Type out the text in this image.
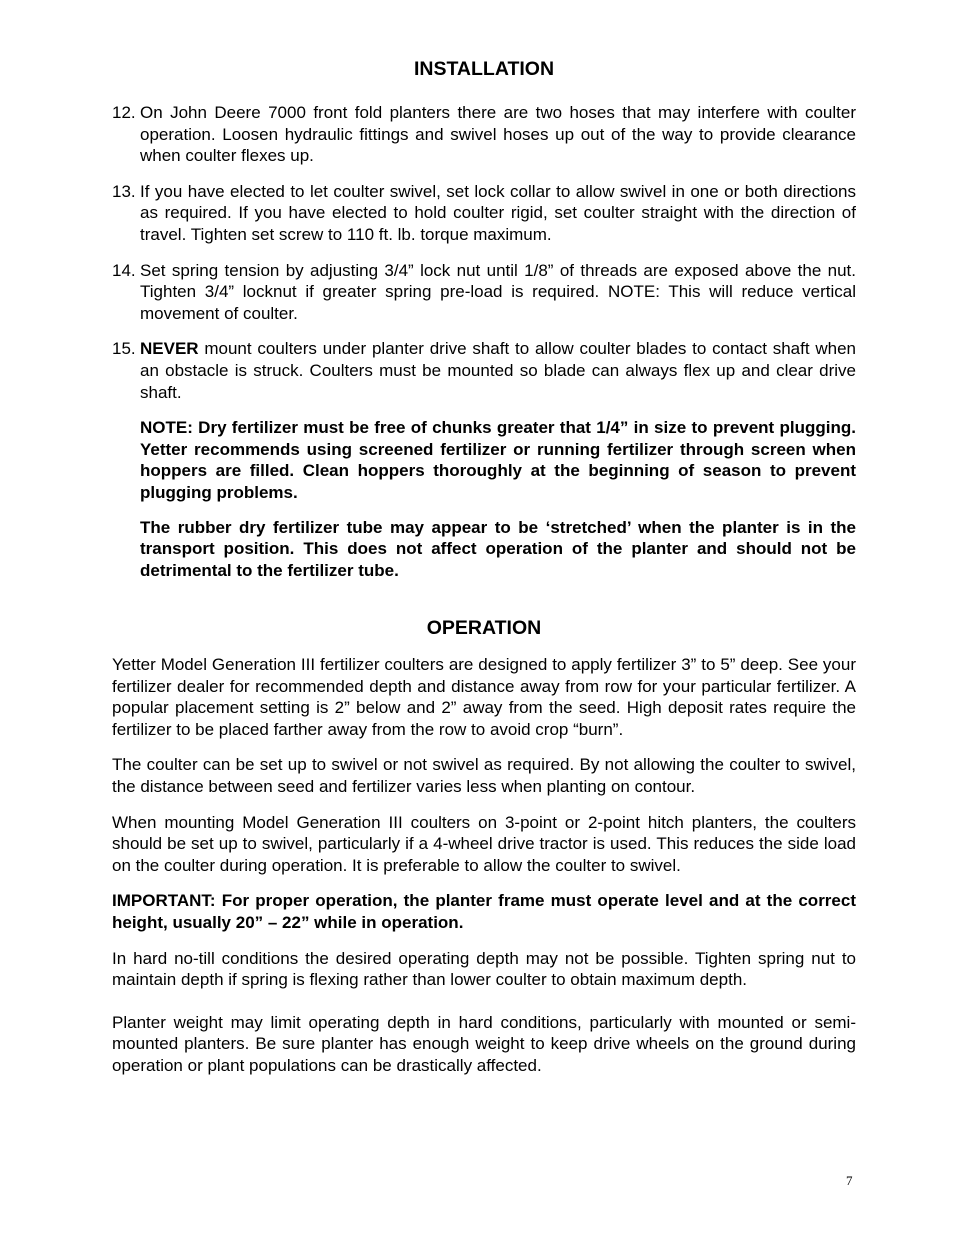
INSTALLATION
12. On John Deere 7000 front fold planters there are two hoses that may interfere with coulter operation. Loosen hydraulic fittings and swivel hoses up out of the way to provide clearance when coulter flexes up.
13. If you have elected to let coulter swivel, set lock collar to allow swivel in one or both directions as required. If you have elected to hold coulter rigid, set coulter straight with the direction of travel. Tighten set screw to 110 ft. lb. torque maximum.
14. Set spring tension by adjusting 3/4” lock nut until 1/8” of threads are exposed above the nut. Tighten 3/4” locknut if greater spring pre-load is required. NOTE: This will reduce vertical movement of coulter.
15. NEVER mount coulters under planter drive shaft to allow coulter blades to contact shaft when an obstacle is struck. Coulters must be mounted so blade can always flex up and clear drive shaft.

NOTE: Dry fertilizer must be free of chunks greater that 1/4” in size to prevent plugging. Yetter recommends using screened fertilizer or running fertilizer through screen when hoppers are filled. Clean hoppers thoroughly at the beginning of season to prevent plugging problems.

The rubber dry fertilizer tube may appear to be ‘stretched’ when the planter is in the transport position. This does not affect operation of the planter and should not be detrimental to the fertilizer tube.

OPERATION

Yetter Model Generation III fertilizer coulters are designed to apply fertilizer 3” to 5” deep. See your fertilizer dealer for recommended depth and distance away from row for your particular fertilizer. A popular placement setting is 2” below and 2” away from the seed. High deposit rates require the fertilizer to be placed farther away from the row to avoid crop “burn”.

The coulter can be set up to swivel or not swivel as required. By not allowing the coulter to swivel, the distance between seed and fertilizer varies less when planting on contour.

When mounting Model Generation III coulters on 3-point or 2-point hitch planters, the coulters should be set up to swivel, particularly if a 4-wheel drive tractor is used. This reduces the side load on the coulter during operation. It is preferable to allow the coulter to swivel.

IMPORTANT: For proper operation, the planter frame must operate level and at the correct height, usually 20” – 22” while in operation.

In hard no-till conditions the desired operating depth may not be possible. Tighten spring nut to maintain depth if spring is flexing rather than lower coulter to obtain maximum depth.

Planter weight may limit operating depth in hard conditions, particularly with mounted or semi-mounted planters. Be sure planter has enough weight to keep drive wheels on the ground during operation or plant populations can be drastically affected.

7
